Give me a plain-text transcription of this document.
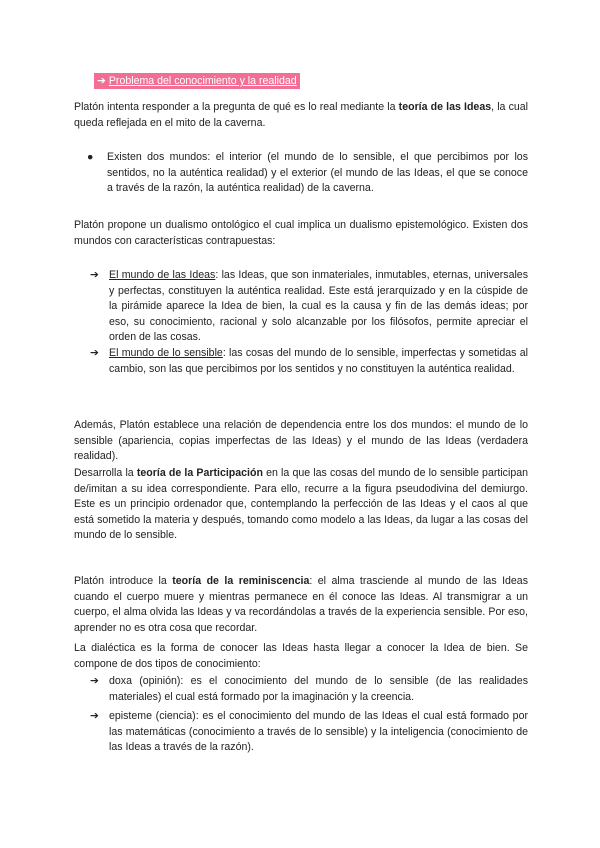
➔ Problema del conocimiento y la realidad

Platón intenta responder a la pregunta de qué es lo real mediante la teoría de las Ideas, la cual queda reflejada en el mito de la caverna.

●	Existen dos mundos: el interior (el mundo de lo sensible, el que percibimos por los sentidos, no la auténtica realidad) y el exterior (el mundo de las Ideas, el que se conoce a través de la razón, la auténtica realidad) de la caverna.

Platón propone un dualismo ontológico el cual implica un dualismo epistemológico. Existen dos mundos con características contrapuestas:

➔ El mundo de las Ideas: las Ideas, que son inmateriales, inmutables, eternas, universales y perfectas, constituyen la auténtica realidad. Este está jerarquizado y en la cúspide de la pirámide aparece la Idea de bien, la cual es la causa y fin de las demás ideas; por eso, su conocimiento, racional y solo alcanzable por los filósofos, permite apreciar el orden de las cosas.
➔ El mundo de lo sensible: las cosas del mundo de lo sensible, imperfectas y sometidas al cambio, son las que percibimos por los sentidos y no constituyen la auténtica realidad.

Además, Platón establece una relación de dependencia entre los dos mundos: el mundo de lo sensible (apariencia, copias imperfectas de las Ideas) y el mundo de las Ideas (verdadera realidad).

Desarrolla la teoría de la Participación en la que las cosas del mundo de lo sensible participan de/imitan a su idea correspondiente. Para ello, recurre a la figura pseudodivina del demiurgo. Este es un principio ordenador que, contemplando la perfección de las Ideas y el caos al que está sometido la materia y después, tomando como modelo a las Ideas, da lugar a las cosas del mundo de lo sensible.

Platón introduce la teoría de la reminiscencia: el alma trasciende al mundo de las Ideas cuando el cuerpo muere y mientras permanece en él conoce las Ideas. Al transmigrar a un cuerpo, el alma olvida las Ideas y va recordándolas a través de la experiencia sensible. Por eso, aprender no es otra cosa que recordar.

La dialéctica es la forma de conocer las Ideas hasta llegar a conocer la Idea de bien. Se compone de dos tipos de conocimiento:

➔ doxa (opinión): es el conocimiento del mundo de lo sensible (de las realidades materiales) el cual está formado por la imaginación y la creencia.
➔ episteme (ciencia): es el conocimiento del mundo de las Ideas el cual está formado por las matemáticas (conocimiento a través de lo sensible) y la inteligencia (conocimiento de las Ideas a través de la razón).
